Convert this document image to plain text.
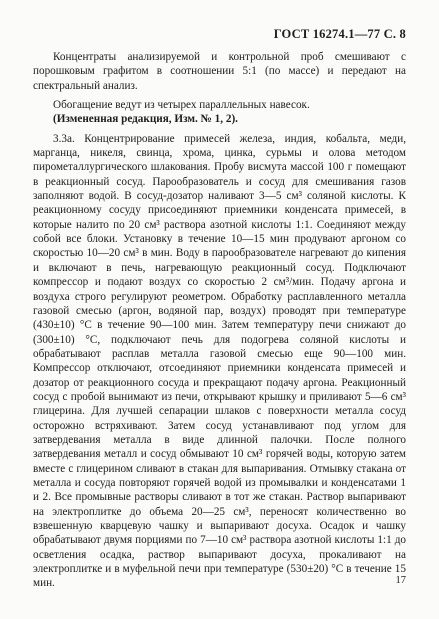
ГОСТ 16274.1—77 С. 8

Концентраты анализируемой и контрольной проб смешивают с порошковым графитом в соотношении 5:1 (по массе) и передают на спектральный анализ.

Обогащение ведут из четырех параллельных навесок.

(Измененная редакция, Изм. № 1, 2).

3.3а. Концентрирование примесей железа, индия, кобальта, меди, марганца, никеля, свинца, хрома, цинка, сурьмы и олова методом пирометаллургического шлакования. Пробу висмута массой 100 г помещают в реакционный сосуд. Парообразователь и сосуд для смешивания газов заполняют водой. В сосуд-дозатор наливают 3—5 см³ соляной кислоты. К реакционному сосуду присоединяют приемники конденсата примесей, в которые налито по 20 см³ раствора азотной кислоты 1:1. Соединяют между собой все блоки. Установку в течение 10—15 мин продувают аргоном со скоростью 10—20 см³ в мин. Воду в парообразователе нагревают до кипения и включают в печь, нагревающую реакционный сосуд. Подключают компрессор и подают воздух со скоростью 2 см³/мин. Подачу аргона и воздуха строго регулируют реометром. Обработку расплавленного металла газовой смесью (аргон, водяной пар, воздух) проводят при температуре (430±10) °С в течение 90—100 мин. Затем температуру печи снижают до (300±10) °С, подключают печь для подогрева соляной кислоты и обрабатывают расплав металла газовой смесью еще 90—100 мин. Компрессор отключают, отсоединяют приемники конденсата примесей и дозатор от реакционного сосуда и прекращают подачу аргона. Реакционный сосуд с пробой вынимают из печи, открывают крышку и приливают 5—6 см³ глицерина. Для лучшей сепарации шлаков с поверхности металла сосуд осторожно встряхивают. Затем сосуд устанавливают под углом для затвердевания металла в виде длинной палочки. После полного затвердевания металл и сосуд обмывают 10 см³ горячей воды, которую затем вместе с глицерином сливают в стакан для выпаривания. Отмывку стакана от металла и сосуда повторяют горячей водой из промывалки и конденсатами 1 и 2. Все промывные растворы сливают в тот же стакан. Раствор выпаривают на электроплитке до объема 20—25 см³, переносят количественно во взвешенную кварцевую чашку и выпаривают досуха. Осадок и чашку обрабатывают двумя порциями по 7—10 см³ раствора азотной кислоты 1:1 до осветления осадка, раствор выпаривают досуха, прокаливают на электроплитке и в муфельной печи при температуре (530±20) °С в течение 15 мин.	17
